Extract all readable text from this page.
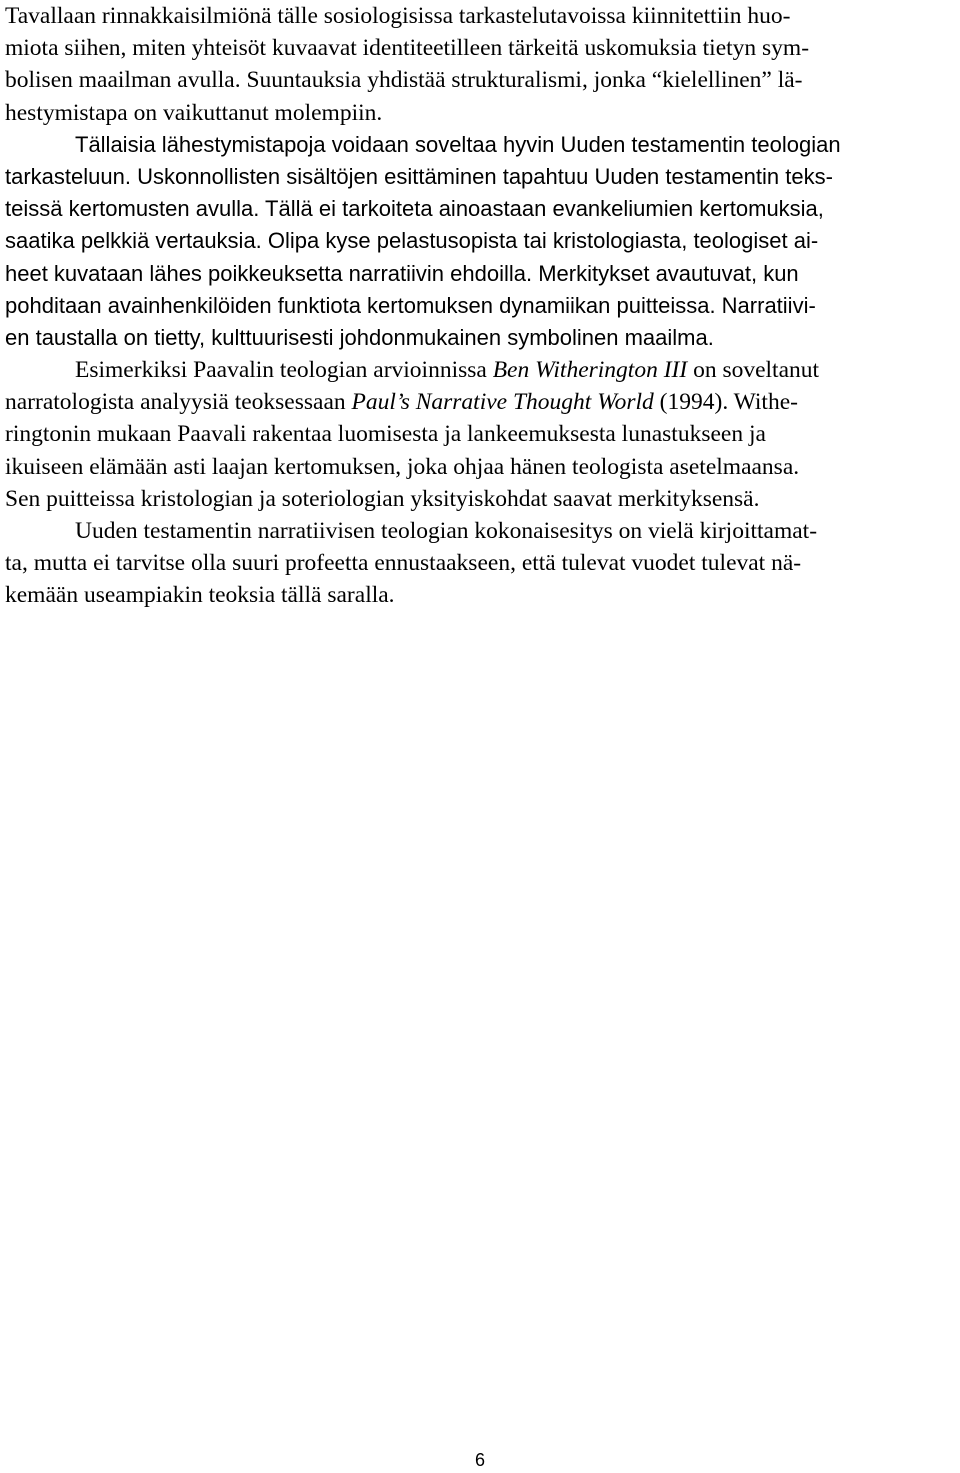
Tavallaan rinnakkaisilmiönä tälle sosiologisissa tarkastelutavoissa kiinnitettiin huo-
miota siihen, miten yhteisöt kuvaavat identiteetilleen tärkeitä uskomuksia tietyn sym-
bolisen maailman avulla. Suuntauksia yhdistää strukturalismi, jonka “kielellinen” lä-
hestymistapa on vaikuttanut molempiin.
Tällaisia lähestymistapoja voidaan soveltaa hyvin Uuden testamentin teologian
tarkasteluun. Uskonnollisten sisältöjen esittäminen tapahtuu Uuden testamentin teks-
teissä kertomusten avulla. Tällä ei tarkoiteta ainoastaan evankeliumien kertomuksia,
saatika pelkkiä vertauksia. Olipa kyse pelastusopista tai kristologiasta, teologiset ai-
heet kuvataan lähes poikkeuksetta narratiivin ehdoilla. Merkitykset avautuvat, kun
pohditaan avainhenkilöiden funktiota kertomuksen dynamiikan puitteissa. Narratiivi-
en taustalla on tietty, kulttuurisesti johdonmukainen symbolinen maailma.
Esimerkiksi Paavalin teologian arvioinnissa Ben Witherington III on soveltanut
narratologista analyysiä teoksessaan Paul’s Narrative Thought World (1994). Withe-
ringtonin mukaan Paavali rakentaa luomisesta ja lankeemuksesta lunastukseen ja
ikuiseen elämään asti laajan kertomuksen, joka ohjaa hänen teologista asetelmaansa.
Sen puitteissa kristologian ja soteriologian yksityiskohdat saavat merkityksensä.
Uuden testamentin narratiivisen teologian kokonaisesitys on vielä kirjoittamat-
ta, mutta ei tarvitse olla suuri profeetta ennustaakseen, että tulevat vuodet tulevat nä-
kemään useampiakin teoksia tällä saralla.
6
